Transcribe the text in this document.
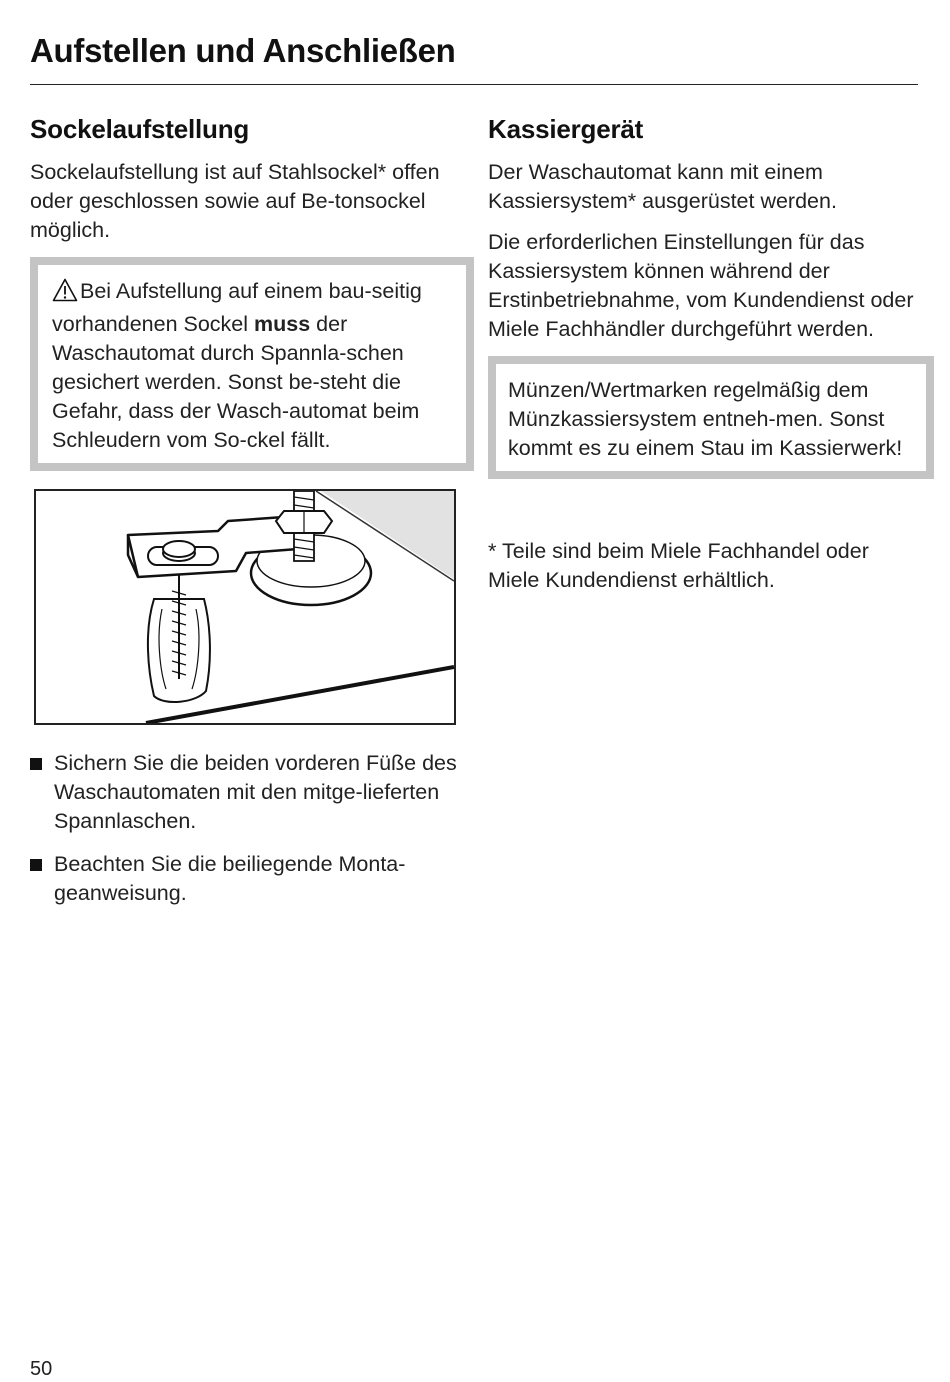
Aufstellen und Anschließen
Sockelaufstellung

Sockelaufstellung ist auf Stahlsockel* offen oder geschlossen sowie auf Be-tonsockel möglich.

Bei Aufstellung auf einem bau-seitig vorhandenen Sockel muss der Waschautomat durch Spannla-schen gesichert werden. Sonst be-steht die Gefahr, dass der Wasch-automat beim Schleudern vom So-ckel fällt.

Sichern Sie die beiden vorderen Füße des Waschautomaten mit den mitge-lieferten Spannlaschen.
Beachten Sie die beiliegende Monta-geanweisung.
Kassiergerät

Der Waschautomat kann mit einem Kassiersystem* ausgerüstet werden.

Die erforderlichen Einstellungen für das Kassiersystem können während der Erstinbetriebnahme, vom Kundendienst oder Miele Fachhändler durchgeführt werden.

Münzen/Wertmarken regelmäßig dem Münzkassiersystem entneh-men. Sonst kommt es zu einem Stau im Kassierwerk!

* Teile sind beim Miele Fachhandel oder Miele Kundendienst erhältlich.

50
